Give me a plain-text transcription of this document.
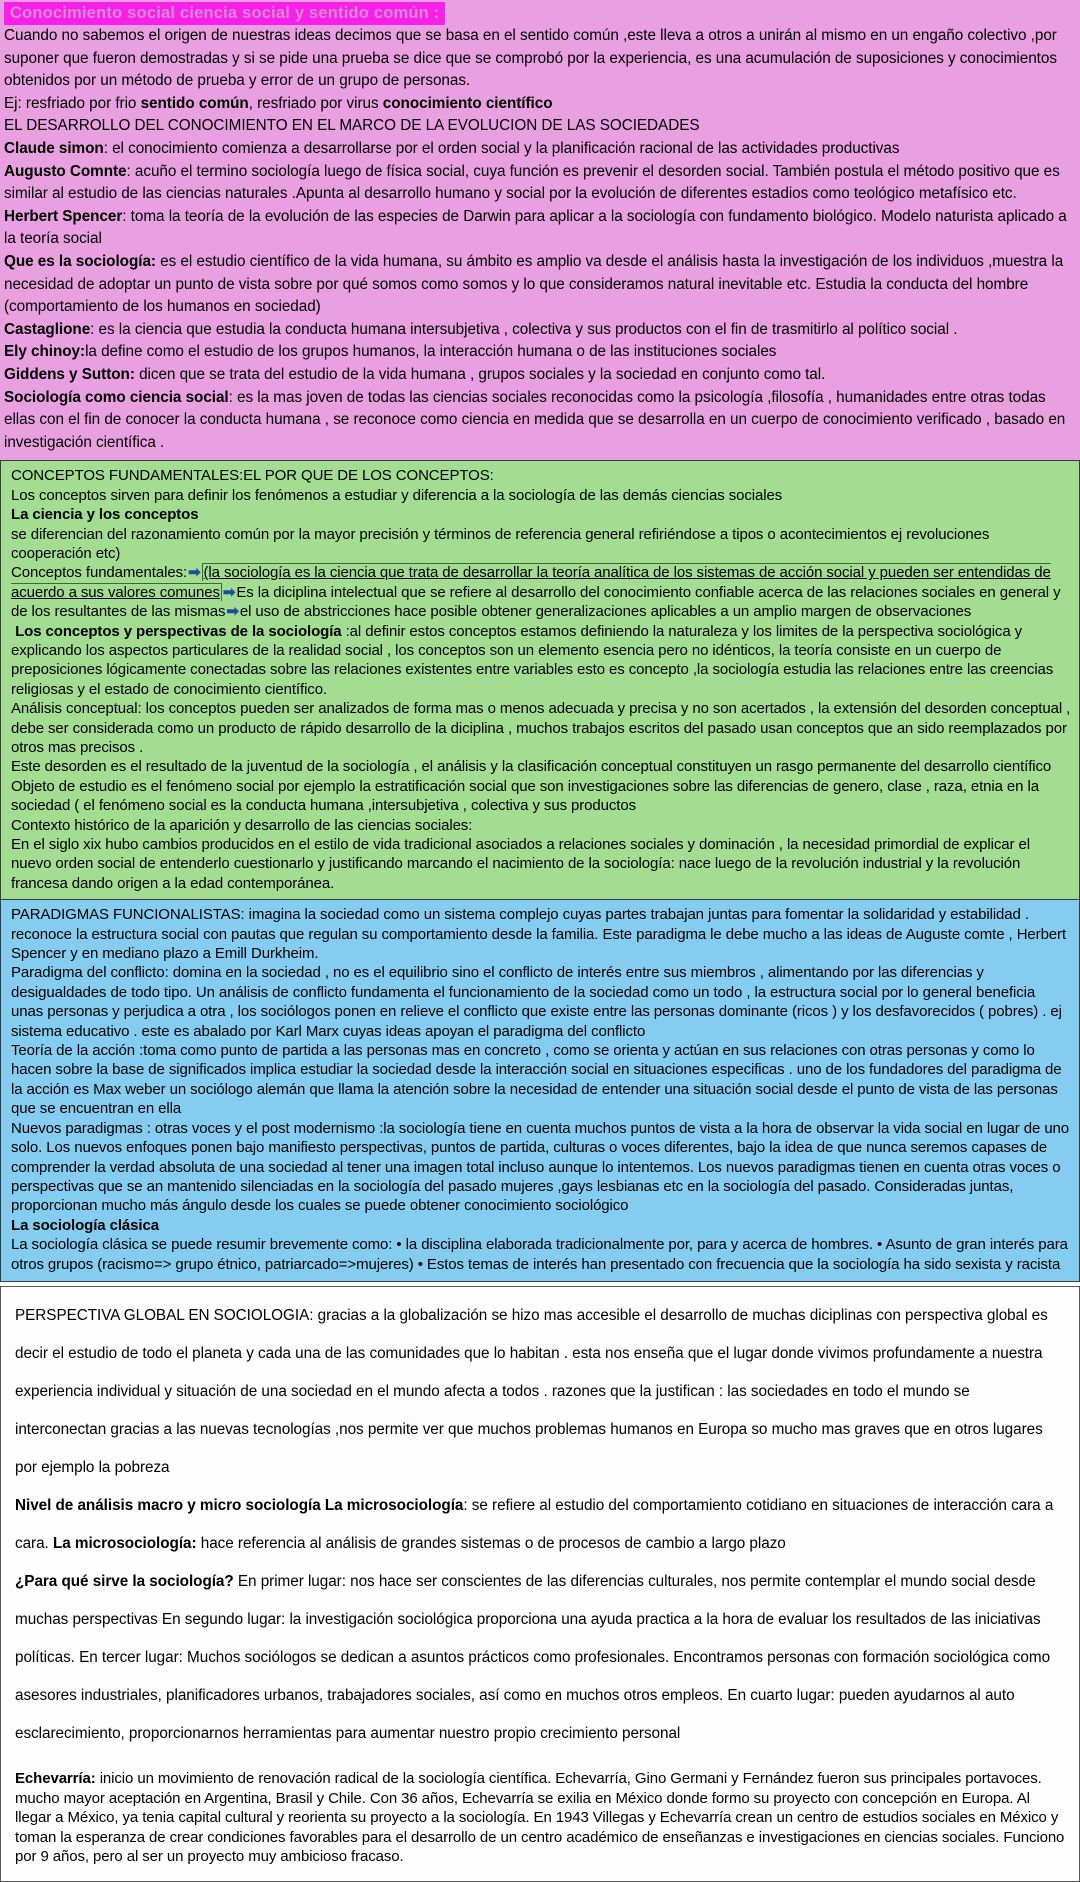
Conocimiento social ciencia social y sentido común :

Cuando no sabemos el origen de nuestras ideas decimos que se basa en el sentido común ,este lleva a otros a unirán al mismo en un engaño colectivo ,por suponer que fueron demostradas y si se pide una prueba se dice que se comprobó por la experiencia, es una acumulación de suposiciones y conocimientos obtenidos por un método de prueba y error de un grupo de personas.

Ej: resfriado por frio sentido común, resfriado por virus conocimiento científico

EL DESARROLLO DEL CONOCIMIENTO EN EL MARCO DE LA EVOLUCION DE LAS SOCIEDADES

Claude simon: el conocimiento comienza a desarrollarse por el orden social y la planificación racional de las actividades productivas

Augusto Comnte: acuño el termino sociología luego de física social, cuya función es prevenir el desorden social. También postula el método positivo que es similar al estudio de las ciencias naturales .Apunta al desarrollo humano y social por la evolución de diferentes estadios como teológico metafísico etc.

Herbert Spencer: toma la teoría de la evolución de las especies de Darwin para aplicar a la sociología con fundamento biológico. Modelo naturista aplicado a la teoría social

Que es la sociología: es el estudio científico de la vida humana, su ámbito es amplio va desde el análisis hasta la investigación de los individuos ,muestra la necesidad de adoptar un punto de vista sobre por qué somos como somos y lo que consideramos natural inevitable etc. Estudia la conducta del hombre (comportamiento de los humanos en sociedad)

Castaglione: es la ciencia que estudia la conducta humana intersubjetiva , colectiva y sus productos con el fin de trasmitirlo al político social .

Ely chinoy:la define como el estudio de los grupos humanos, la interacción humana o de las instituciones sociales

Giddens y Sutton: dicen que se trata del estudio de la vida humana , grupos sociales y la sociedad en conjunto como tal.

Sociología como ciencia social: es la mas joven de todas las ciencias sociales reconocidas como la psicología ,filosofía , humanidades entre otras todas ellas con el fin de conocer la conducta humana , se reconoce como ciencia en medida que se desarrolla en un cuerpo de conocimiento verificado , basado en investigación científica .

CONCEPTOS FUNDAMENTALES:EL POR QUE DE LOS CONCEPTOS:

Los conceptos sirven para definir los fenómenos a estudiar y diferencia a la sociología de las demás ciencias sociales

La ciencia y los conceptos

se diferencian del razonamiento común por la mayor precisión y términos de referencia general refiriéndose a tipos o acontecimientos ej revoluciones cooperación etc)

Conceptos fundamentales:➡ (la sociología es la ciencia que trata de desarrollar la teoría analítica de los sistemas de acción social y pueden ser entendidas de acuerdo a sus valores comunes ➡Es la diciplina intelectual que se refiere al desarrollo del conocimiento confiable acerca de las relaciones sociales en general y de los resultantes de las mismas➡el uso de abstricciones hace posible obtener generalizaciones aplicables a un amplio margen de observaciones

Los conceptos y perspectivas de la sociología :al definir estos conceptos estamos definiendo la naturaleza y los limites de la perspectiva sociológica y explicando los aspectos particulares de la realidad social , los conceptos son un elemento esencia pero no idénticos, la teoría consiste en un cuerpo de preposiciones lógicamente conectadas sobre las relaciones existentes entre variables esto es concepto ,la sociología estudia las relaciones entre las creencias religiosas y el estado de conocimiento científico.

Análisis conceptual: los conceptos pueden ser analizados de forma mas o menos adecuada y precisa y no son acertados , la extensión del desorden conceptual , debe ser considerada como un producto de rápido desarrollo de la diciplina , muchos trabajos escritos del pasado usan conceptos que an sido reemplazados por otros mas precisos .

Este desorden es el resultado de la juventud de la sociología , el análisis y la clasificación conceptual constituyen un rasgo permanente del desarrollo científico

Objeto de estudio es el fenómeno social por ejemplo la estratificación social que son investigaciones sobre las diferencias de genero, clase , raza, etnia en la sociedad ( el fenómeno social es la conducta humana ,intersubjetiva , colectiva y sus productos

Contexto histórico de la aparición y desarrollo de las ciencias sociales:

En el siglo xix hubo cambios producidos en el estilo de vida tradicional asociados a relaciones sociales y dominación , la necesidad primordial de explicar el nuevo orden social de entenderlo cuestionarlo y justificando marcando el nacimiento de la sociología: nace luego de la revolución industrial y la revolución francesa dando origen a la edad contemporánea.

PARADIGMAS FUNCIONALISTAS: imagina la sociedad como un sistema complejo cuyas partes trabajan juntas para fomentar la solidaridad y estabilidad . reconoce la estructura social con pautas que regulan su comportamiento desde la familia. Este paradigma le debe mucho a las ideas de Auguste comte , Herbert Spencer y en mediano plazo a Emill Durkheim.

Paradigma del conflicto: domina en la sociedad , no es el equilibrio sino el conflicto de interés entre sus miembros , alimentando por las diferencias y desigualdades de todo tipo. Un análisis de conflicto fundamenta el funcionamiento de la sociedad como un todo , la estructura social por lo general beneficia unas personas y perjudica a otra , los sociólogos ponen en relieve el conflicto que existe entre las personas dominante (ricos ) y los desfavorecidos ( pobres) . ej sistema educativo . este es abalado por Karl Marx cuyas ideas apoyan el paradigma del conflicto

Teoría de la acción :toma como punto de partida a las personas mas en concreto , como se orienta y actúan en sus relaciones con otras personas y como lo hacen sobre la base de significados implica estudiar la sociedad desde la interacción social en situaciones especificas . uno de los fundadores del paradigma de la acción es Max weber un sociólogo alemán que llama la atención sobre la necesidad de entender una situación social desde el punto de vista de las personas que se encuentran en ella

Nuevos paradigmas : otras voces y el post modernismo :la sociología tiene en cuenta muchos puntos de vista a la hora de observar la vida social en lugar de uno solo. Los nuevos enfoques ponen bajo manifiesto perspectivas, puntos de partida, culturas o voces diferentes, bajo la idea de que nunca seremos capases de comprender la verdad absoluta de una sociedad al tener una imagen total incluso aunque lo intentemos. Los nuevos paradigmas tienen en cuenta otras voces o perspectivas que se an mantenido silenciadas en la sociología del pasado mujeres ,gays lesbianas etc en la sociología del pasado. Consideradas juntas, proporcionan mucho más ángulo desde los cuales se puede obtener conocimiento sociológico

La sociología clásica

La sociología clásica se puede resumir brevemente como: • la disciplina elaborada tradicionalmente por, para y acerca de hombres. • Asunto de gran interés para otros grupos (racismo=> grupo étnico, patriarcado=>mujeres) • Estos temas de interés han presentado con frecuencia que la sociología ha sido sexista y racista

PERSPECTIVA GLOBAL EN SOCIOLOGIA: gracias a la globalización se hizo mas accesible el desarrollo de muchas diciplinas con perspectiva global es decir el estudio de todo el planeta y cada una de las comunidades que lo habitan . esta nos enseña que el lugar donde vivimos profundamente a nuestra experiencia individual y situación de una sociedad en el mundo afecta a todos . razones que la justifican : las sociedades en todo el mundo se interconectan gracias a las nuevas tecnologías ,nos permite ver que muchos problemas humanos en Europa so mucho mas graves que en otros lugares por ejemplo la pobreza

Nivel de análisis macro y micro sociología La microsociología: se refiere al estudio del comportamiento cotidiano en situaciones de interacción cara a cara. La microsociología: hace referencia al análisis de grandes sistemas o de procesos de cambio a largo plazo

¿Para qué sirve la sociología? En primer lugar: nos hace ser conscientes de las diferencias culturales, nos permite contemplar el mundo social desde muchas perspectivas En segundo lugar: la investigación sociológica proporciona una ayuda practica a la hora de evaluar los resultados de las iniciativas políticas. En tercer lugar: Muchos sociólogos se dedican a asuntos prácticos como profesionales. Encontramos personas con formación sociológica como asesores industriales, planificadores urbanos, trabajadores sociales, así como en muchos otros empleos. En cuarto lugar: pueden ayudarnos al auto esclarecimiento, proporcionarnos herramientas para aumentar nuestro propio crecimiento personal

Echevarría: inicio un movimiento de renovación radical de la sociología científica. Echevarría, Gino Germani y Fernández fueron sus principales portavoces. mucho mayor aceptación en Argentina, Brasil y Chile. Con 36 años, Echevarría se exilia en México donde formo su proyecto con concepción en Europa. Al llegar a México, ya tenia capital cultural y reorienta su proyecto a la sociología. En 1943 Villegas y Echevarría crean un centro de estudios sociales en México y toman la esperanza de crear condiciones favorables para el desarrollo de un centro académico de enseñanzas e investigaciones en ciencias sociales. Funciono por 9 años, pero al ser un proyecto muy ambicioso fracaso.
